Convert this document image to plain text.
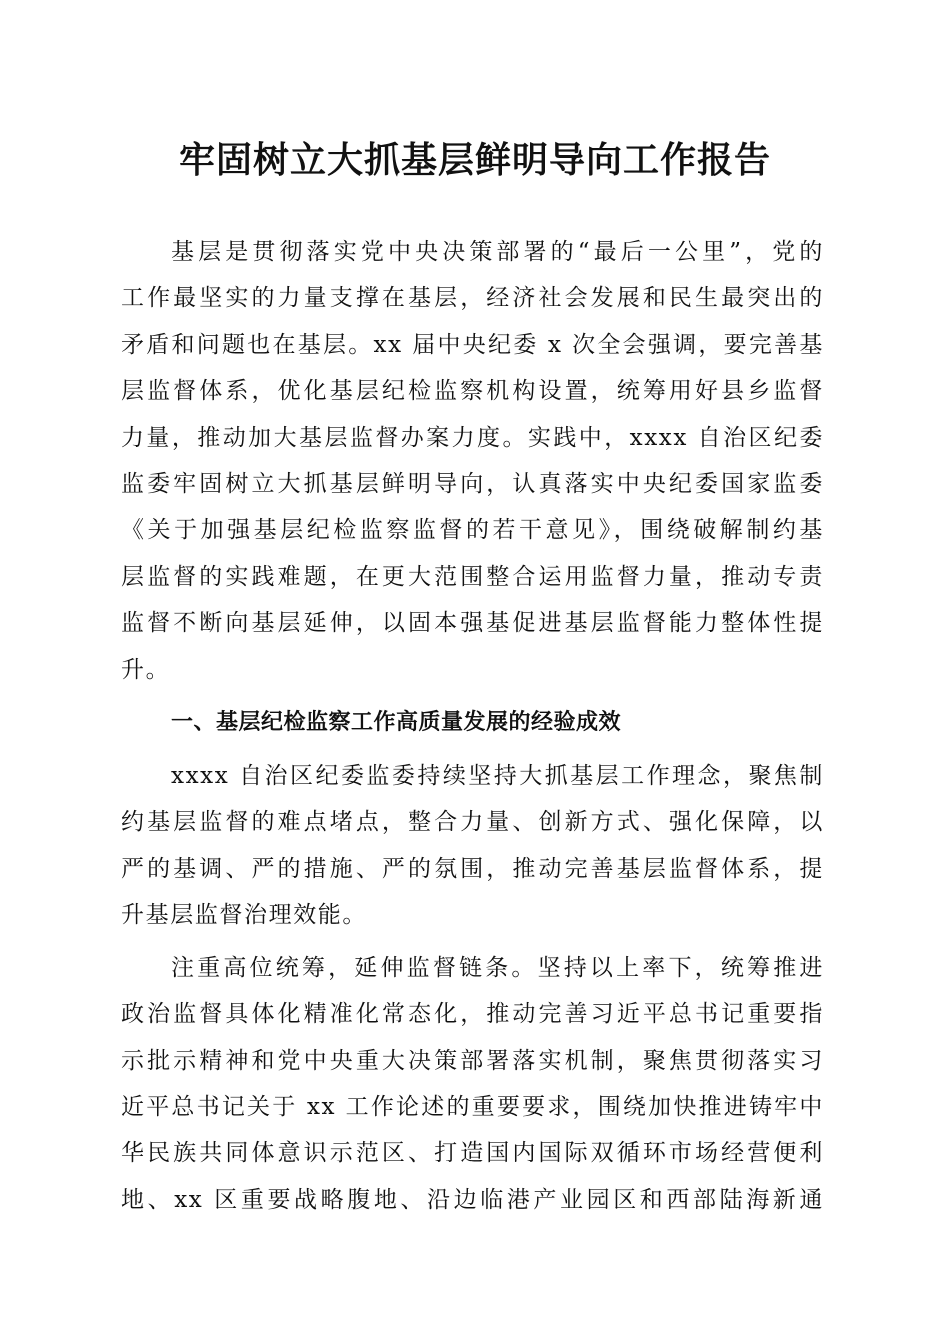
牢固树立大抓基层鲜明导向工作报告

基层是贯彻落实党中央决策部署的“最后一公里”，党的
工作最坚实的力量支撑在基层，经济社会发展和民生最突出的
矛盾和问题也在基层。xx 届中央纪委 x 次全会强调，要完善基
层监督体系，优化基层纪检监察机构设置，统筹用好县乡监督
力量，推动加大基层监督办案力度。实践中，xxxx 自治区纪委
监委牢固树立大抓基层鲜明导向，认真落实中央纪委国家监委
《关于加强基层纪检监察监督的若干意见》，围绕破解制约基
层监督的实践难题，在更大范围整合运用监督力量，推动专责
监督不断向基层延伸，以固本强基促进基层监督能力整体性提
升。

一、基层纪检监察工作高质量发展的经验成效

xxxx 自治区纪委监委持续坚持大抓基层工作理念，聚焦制
约基层监督的难点堵点，整合力量、创新方式、强化保障，以
严的基调、严的措施、严的氛围，推动完善基层监督体系，提
升基层监督治理效能。

注重高位统筹，延伸监督链条。坚持以上率下，统筹推进
政治监督具体化精准化常态化，推动完善习近平总书记重要指
示批示精神和党中央重大决策部署落实机制，聚焦贯彻落实习
近平总书记关于 xx 工作论述的重要要求，围绕加快推进铸牢中
华民族共同体意识示范区、打造国内国际双循环市场经营便利
地、xx 区重要战略腹地、沿边临港产业园区和西部陆海新通
